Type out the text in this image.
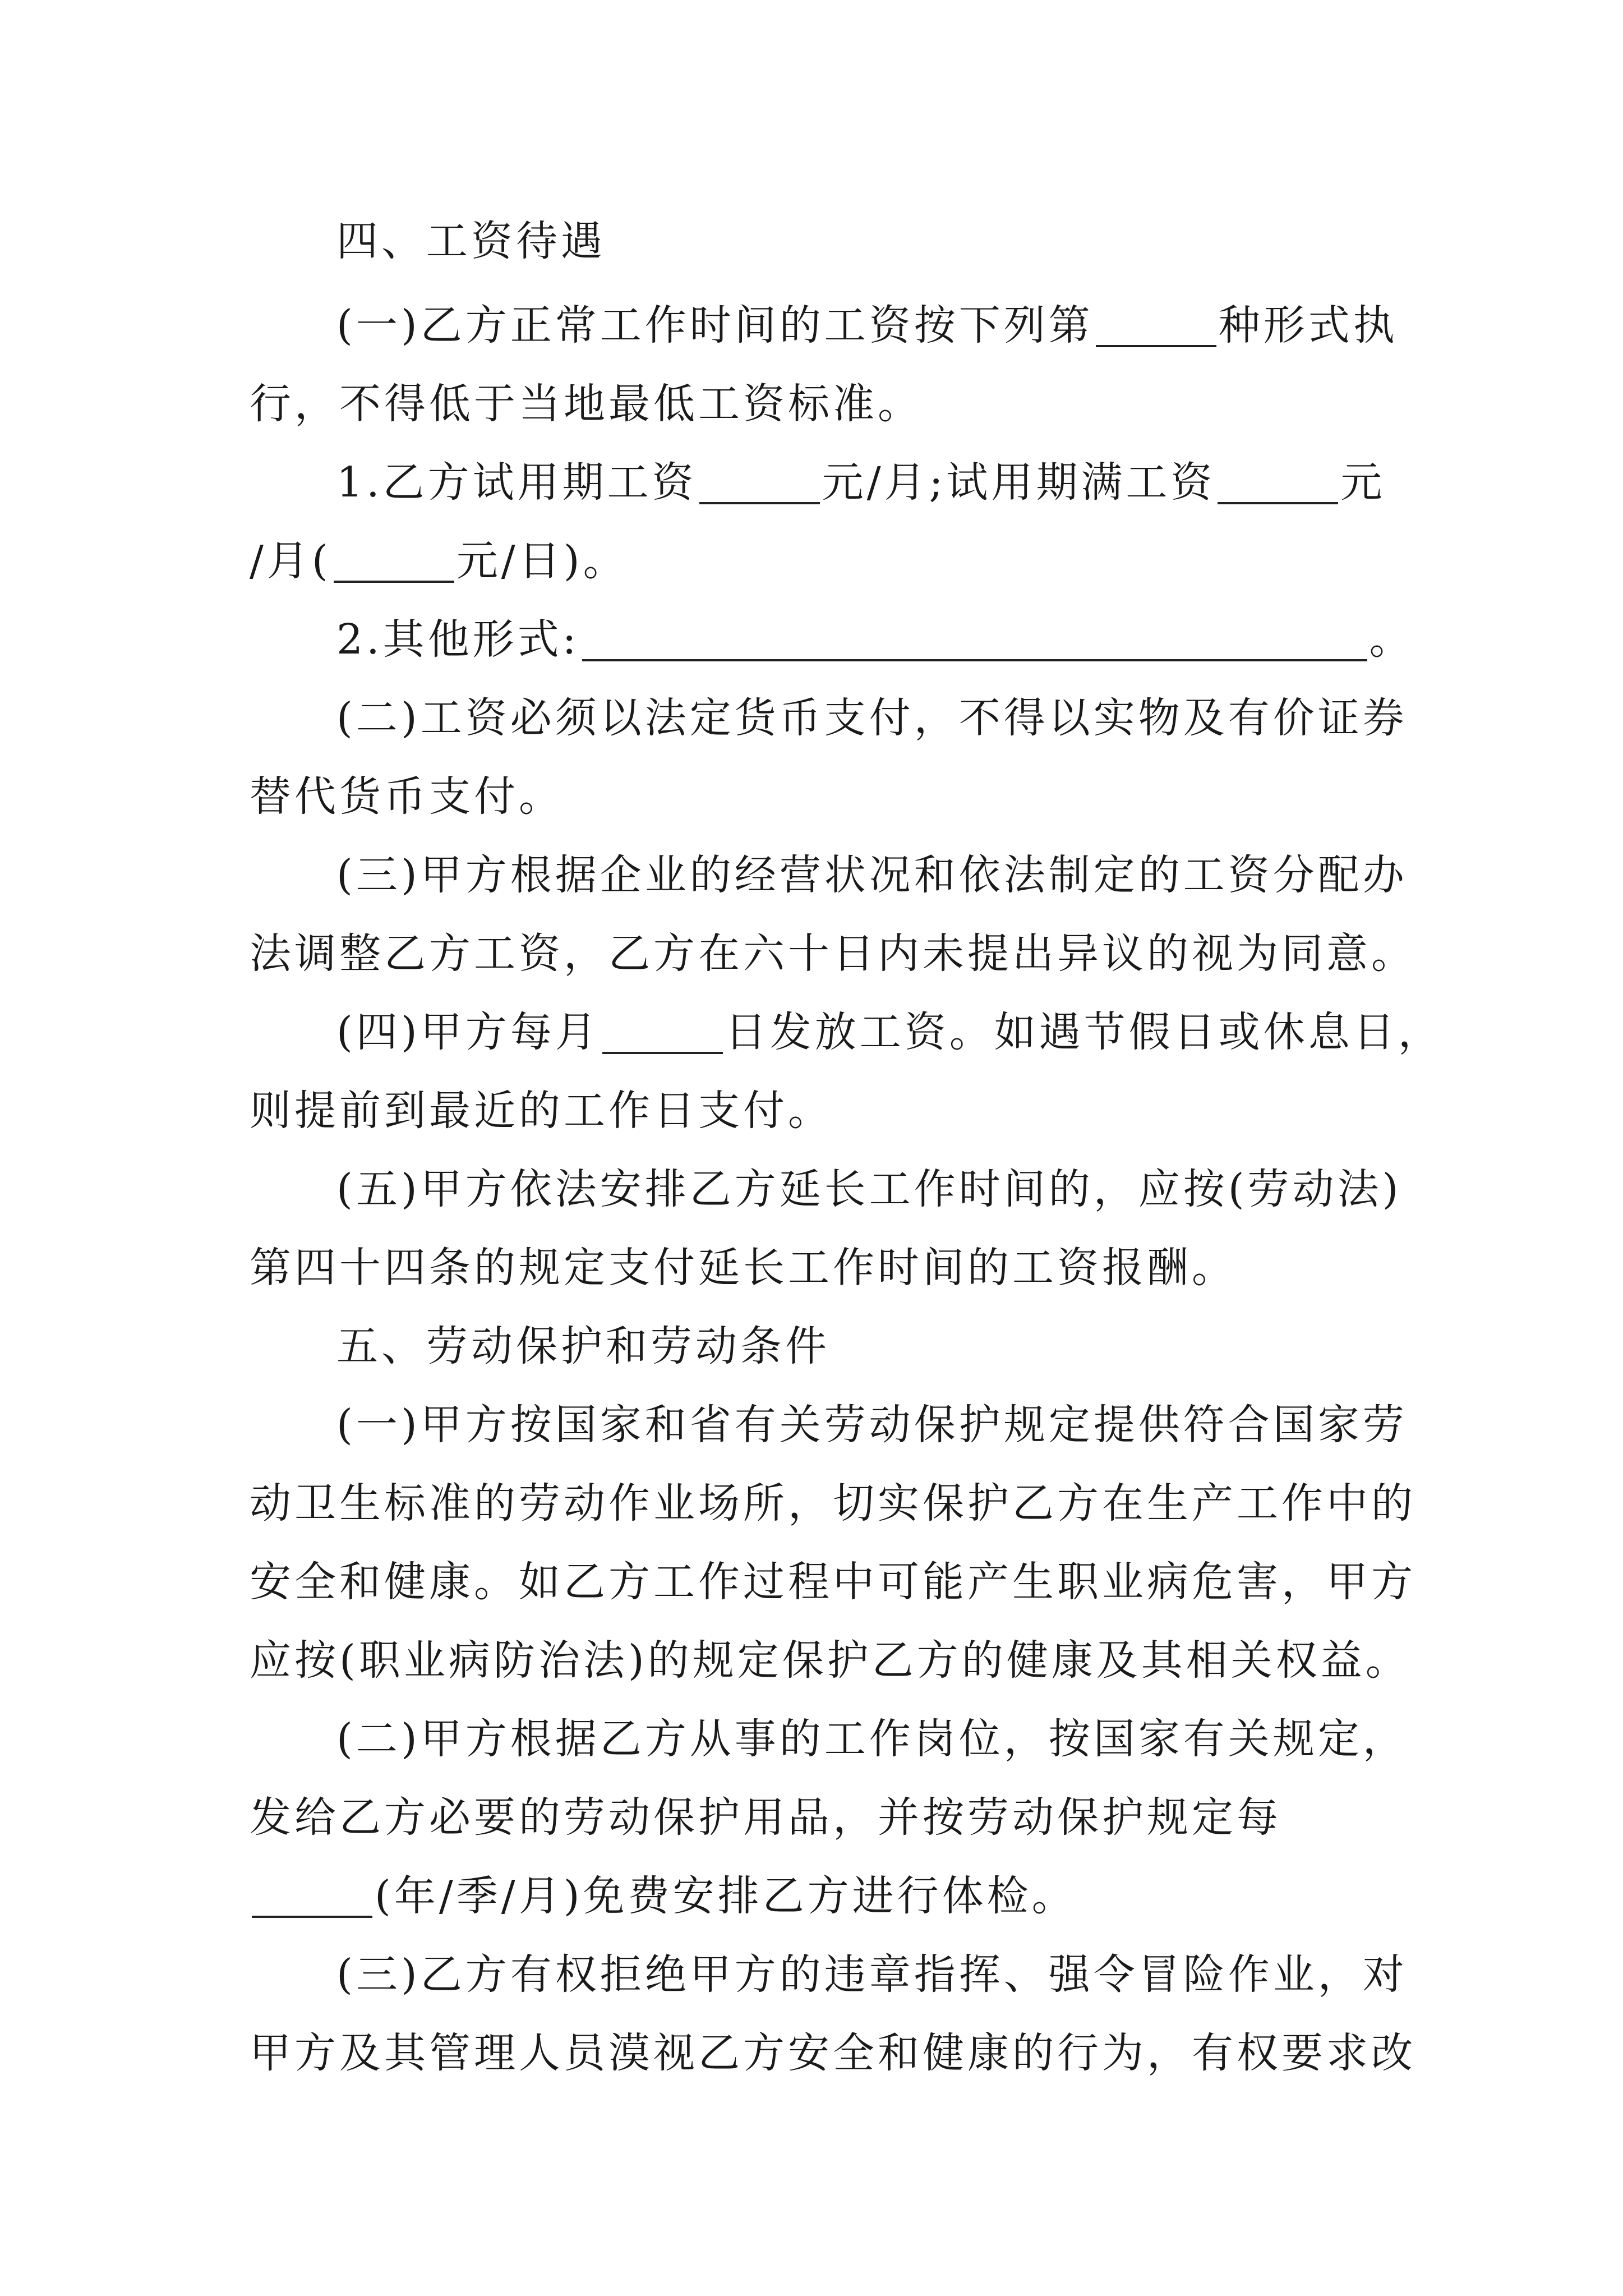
四、工资待遇
(一)乙方正常工作时间的工资按下列第	种形式执
行，不得低于当地最低工资标准。
1.乙方试用期工资	元/月;试用期满工资	元
/月(	元/日)。
2.其他形式:	。
(二)工资必须以法定货币支付，不得以实物及有价证券
替代货币支付。
(三)甲方根据企业的经营状况和依法制定的工资分配办
法调整乙方工资，乙方在六十日内未提出异议的视为同意。
(四)甲方每月	日发放工资。如遇节假日或休息日，
则提前到最近的工作日支付。
(五)甲方依法安排乙方延长工作时间的，应按(劳动法)
第四十四条的规定支付延长工作时间的工资报酬。
五、劳动保护和劳动条件
(一)甲方按国家和省有关劳动保护规定提供符合国家劳
动卫生标准的劳动作业场所，切实保护乙方在生产工作中的
安全和健康。如乙方工作过程中可能产生职业病危害，甲方
应按(职业病防治法)的规定保护乙方的健康及其相关权益。
(二)甲方根据乙方从事的工作岗位，按国家有关规定，
发给乙方必要的劳动保护用品，并按劳动保护规定每
(年/季/月)免费安排乙方进行体检。
(三)乙方有权拒绝甲方的违章指挥、强令冒险作业，对
甲方及其管理人员漠视乙方安全和健康的行为，有权要求改
